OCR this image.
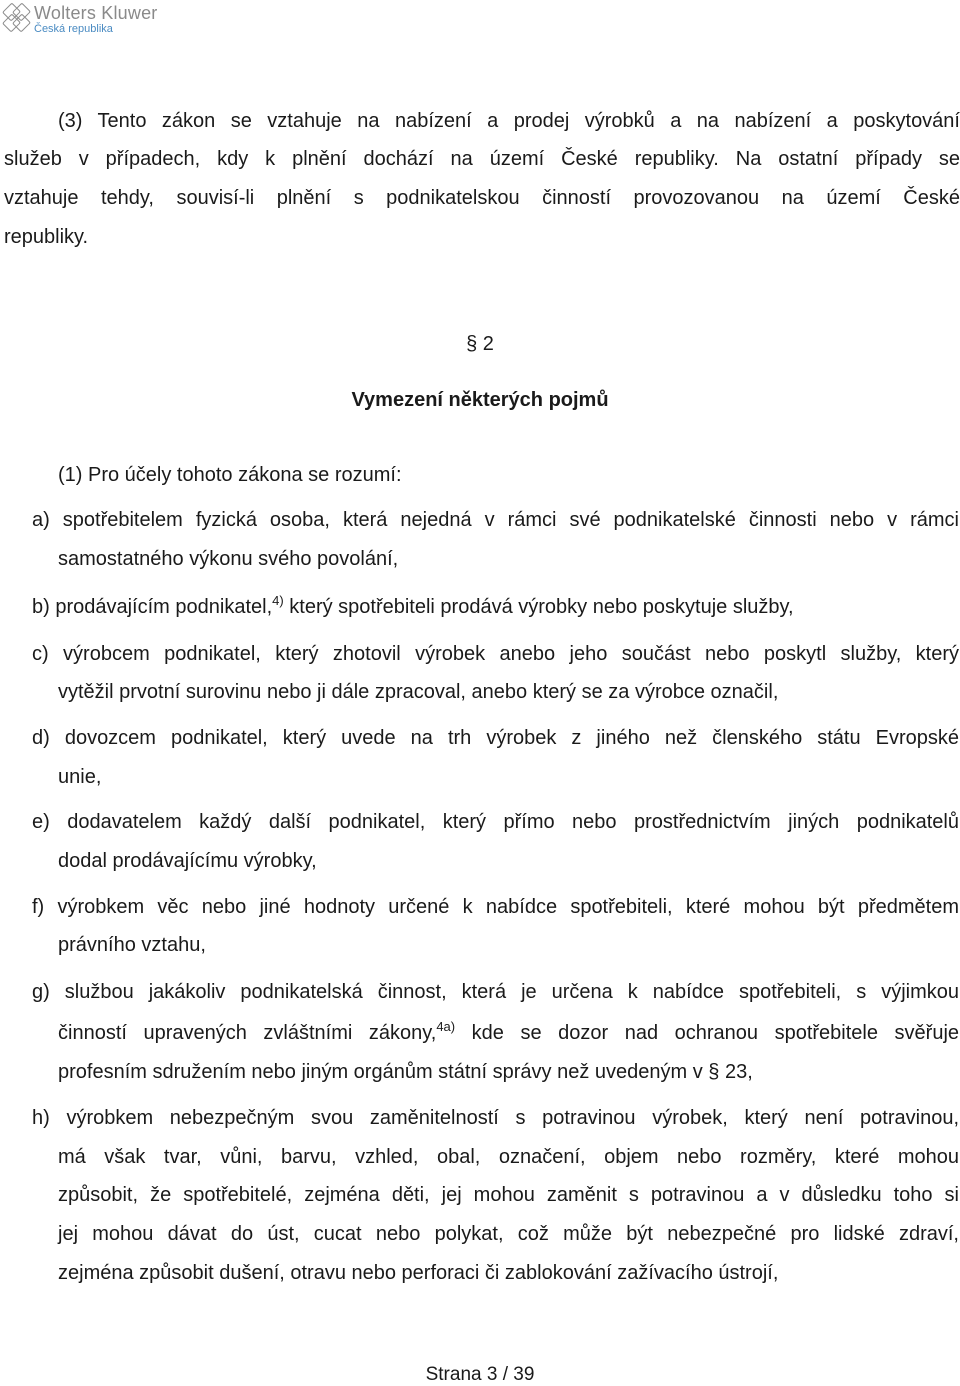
Wolters Kluwer
Česká republika
(3) Tento zákon se vztahuje na nabízení a prodej výrobků a na nabízení a poskytování
služeb v případech, kdy k plnění dochází na území České republiky. Na ostatní případy se
vztahuje tehdy, souvisí-li plnění s podnikatelskou činností provozovanou na území České
republiky.
§ 2
Vymezení některých pojmů
(1) Pro účely tohoto zákona se rozumí:
a) spotřebitelem fyzická osoba, která nejedná v rámci své podnikatelské činnosti nebo v rámci
samostatného výkonu svého povolání,
b) prodávajícím podnikatel,$^{4)}$ který spotřebiteli prodává výrobky nebo poskytuje služby,
c) výrobcem podnikatel, který zhotovil výrobek anebo jeho součást nebo poskytl služby, který
vytěžil prvotní surovinu nebo ji dále zpracoval, anebo který se za výrobce označil,
d) dovozcem podnikatel, který uvede na trh výrobek z jiného než členského státu Evropské
unie,
e) dodavatelem každý další podnikatel, který přímo nebo prostřednictvím jiných podnikatelů
dodal prodávajícímu výrobky,
f) výrobkem věc nebo jiné hodnoty určené k nabídce spotřebiteli, které mohou být předmětem
právního vztahu,
g) službou jakákoliv podnikatelská činnost, která je určena k nabídce spotřebiteli, s výjimkou
činností upravených zvláštními zákony,$^{4a)}$ kde se dozor nad ochranou spotřebitele svěřuje
profesním sdružením nebo jiným orgánům státní správy než uvedeným v § 23,
h) výrobkem nebezpečným svou zaměnitelností s potravinou výrobek, který není potravinou,
má však tvar, vůni, barvu, vzhled, obal, označení, objem nebo rozměry, které mohou
způsobit, že spotřebitelé, zejména děti, jej mohou zaměnit s potravinou a v důsledku toho si
jej mohou dávat do úst, cucat nebo polykat, což může být nebezpečné pro lidské zdraví,
zejména způsobit dušení, otravu nebo perforaci či zablokování zažívacího ústrojí,
Strana 3 / 39
